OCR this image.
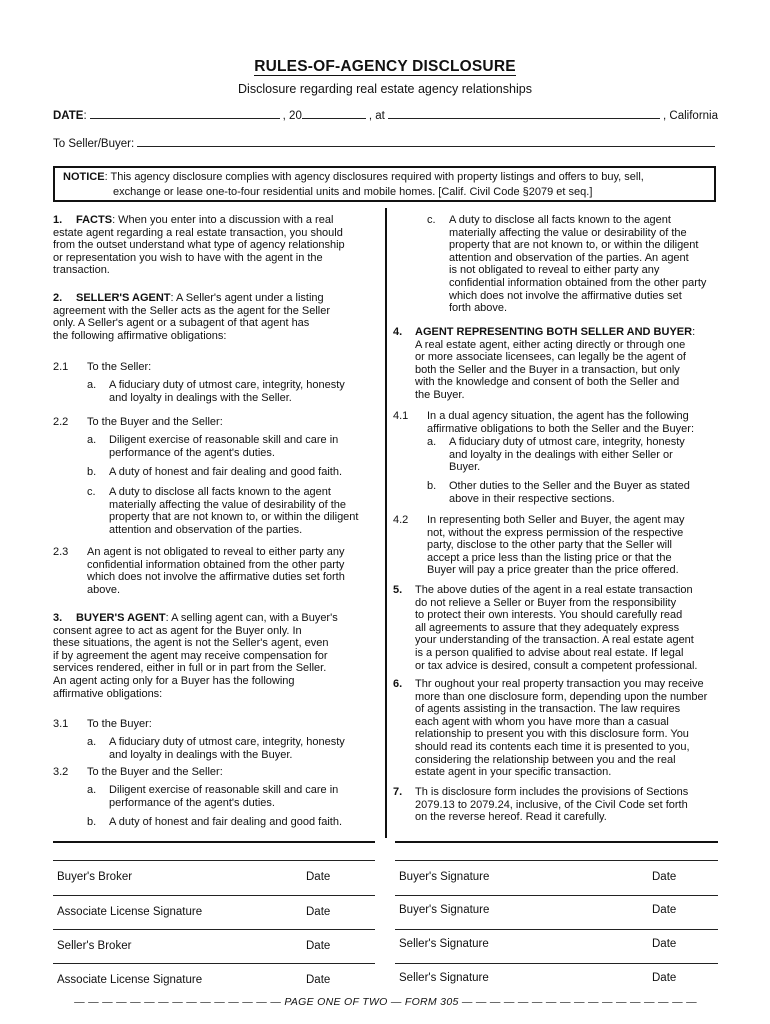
RULES-OF-AGENCY DISCLOSURE
Disclosure regarding real estate agency relationships
DATE :	, 20	, at	, California
To Seller/Buyer:
NOTICE: This agency disclosure complies with agency disclosures required with property listings and offers to buy, sell,
exchange or lease one-to-four residential units and mobile homes. [Calif. Civil Code §2079 et seq.]
1. FACTS: When you enter into a discussion with a real
estate agent regarding a real estate transaction, you should
from the outset understand what type of agency relationship
or representation you wish to have with the agent in the
transaction.
2. SELLER'S AGENT: A Seller's agent under a listing
agreement with the Seller acts as the agent for the Seller
only. A Seller's agent or a subagent of that agent has
the following affirmative obligations:
2.1 To the Seller:
a. A fiduciary duty of utmost care, integrity, honesty
and loyalty in dealings with the Seller.
2.2 To the Buyer and the Seller:
a. Diligent exercise of reasonable skill and care in
performance of the agent's duties.
b. A duty of honest and fair dealing and good faith.
c. A duty to disclose all facts known to the agent
materially affecting the value of desirability of the
property that are not known to, or within the diligent
attention and observation of the parties.
2.3 An agent is not obligated to reveal to either party any
confidential information obtained from the other party
which does not involve the affirmative duties set forth
above.
3. BUYER'S AGENT: A selling agent can, with a Buyer's
consent agree to act as agent for the Buyer only. In
these situations, the agent is not the Seller's agent, even
if by agreement the agent may receive compensation for
services rendered, either in full or in part from the Seller.
An agent acting only for a Buyer has the following
affirmative obligations:
3.1 To the Buyer:
a. A fiduciary duty of utmost care, integrity, honesty
and loyalty in dealings with the Buyer.
3.2 To the Buyer and the Seller:
a. Diligent exercise of reasonable skill and care in
performance of the agent's duties.
b. A duty of honest and fair dealing and good faith.
c. A duty to disclose all facts known to the agent
materially affecting the value or desirability of the
property that are not known to, or within the diligent
attention and observation of the parties. An agent
is not obligated to reveal to either party any
confidential information obtained from the other party
which does not involve the affirmative duties set
forth above.
4. AGENT REPRESENTING BOTH SELLER AND BUYER:
A real estate agent, either acting directly or through one
or more associate licensees, can legally be the agent of
both the Seller and the Buyer in a transaction, but only
with the knowledge and consent of both the Seller and
the Buyer.
4.1 In a dual agency situation, the agent has the following
affirmative obligations to both the Seller and the Buyer:
a. A fiduciary duty of utmost care, integrity, honesty
and loyalty in the dealings with either Seller or
Buyer.
b. Other duties to the Seller and the Buyer as stated
above in their respective sections.
4.2 In representing both Seller and Buyer, the agent may
not, without the express permission of the respective
party, disclose to the other party that the Seller will
accept a price less than the listing price or that the
Buyer will pay a price greater than the price offered.
5. The above duties of the agent in a real estate transaction
do not relieve a Seller or Buyer from the responsibility
to protect their own interests. You should carefully read
all agreements to assure that they adequately express
your understanding of the transaction. A real estate agent
is a person qualified to advise about real estate. If legal
or tax advice is desired, consult a competent professional.
6. Thr oughout your real property transaction you may receive
more than one disclosure form, depending upon the number
of agents assisting in the transaction. The law requires
each agent with whom you have more than a casual
relationship to present you with this disclosure form. You
should read its contents each time it is presented to you,
considering the relationship between you and the real
estate agent in your specific transaction.
7. Th is disclosure form includes the provisions of Sections
2079.13 to 2079.24, inclusive, of the Civil Code set forth
on the reverse hereof. Read it carefully.
Buyer's Broker	Date
Associate License Signature	Date
Seller's Broker	Date
Associate License Signature	Date
Buyer's Signature	Date
Buyer's Signature	Date
Seller's Signature	Date
Seller's Signature	Date
— — — — — — — — — — — — — — — PAGE ONE OF TWO — FORM 305 — — — — — — — — — — — — — — — — —
